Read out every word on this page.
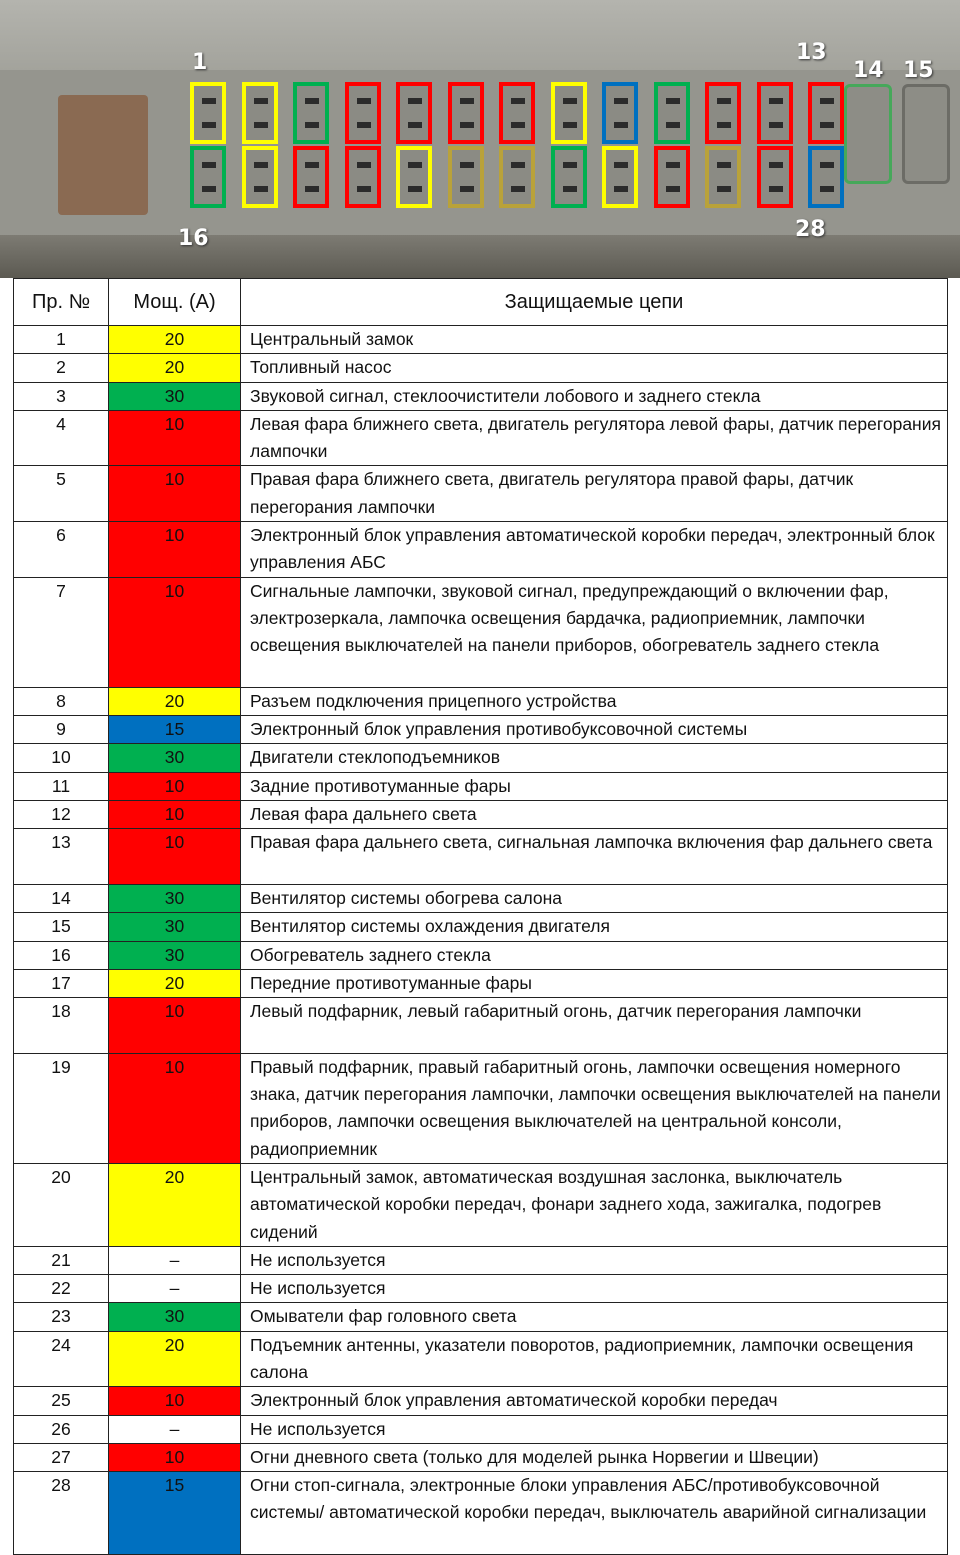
1	13
14 15
16	28
Пр. №	Мощ. (А)	Защищаемые цепи
1	20	Центральный замок
2	20	Топливный насос
3	30	Звуковой сигнал, стеклоочистители лобового и заднего стекла
4	10	Левая фара ближнего света, двигатель регулятора левой фары, датчик перегорания лампочки
5	10	Правая фара ближнего света, двигатель регулятора правой фары, датчик перегорания лампочки
6	10	Электронный блок управления автоматической коробки передач, электронный блок управления АБС
7	10	Сигнальные лампочки, звуковой сигнал, предупреждающий о включении фар, электрозеркала, лампочка освещения бардачка, радиоприемник, лампочки освещения выключателей на панели приборов, обогреватель заднего стекла
8	20	Разъем подключения прицепного устройства
9	15	Электронный блок управления противобуксовочной системы
10	30	Двигатели стеклоподъемников
11	10	Задние противотуманные фары
12	10	Левая фара дальнего света
13	10	Правая фара дальнего света, сигнальная лампочка включения фар дальнего света
14	30	Вентилятор системы обогрева салона
15	30	Вентилятор системы охлаждения двигателя
16	30	Обогреватель заднего стекла
17	20	Передние противотуманные фары
18	10	Левый подфарник, левый габаритный огонь, датчик перегорания лампочки
19	10	Правый подфарник, правый габаритный огонь, лампочки освещения номерного знака, датчик перегорания лампочки, лампочки освещения выключателей на панели приборов, лампочки освещения выключателей на центральной консоли, радиоприемник
20	20	Центральный замок, автоматическая воздушная заслонка, выключатель автоматической коробки передач, фонари заднего хода, зажигалка, подогрев сидений
21	–	Не используется
22	–	Не используется
23	30	Омыватели фар головного света
24	20	Подъемник антенны, указатели поворотов, радиоприемник, лампочки освещения салона
25	10	Электронный блок управления автоматической коробки передач
26	–	Не используется
27	10	Огни дневного света (только для моделей рынка Норвегии и Швеции)
28	15	Огни стоп-сигнала, электронные блоки управления АБС/противобуксовочной системы/ автоматической коробки передач, выключатель аварийной сигнализации
